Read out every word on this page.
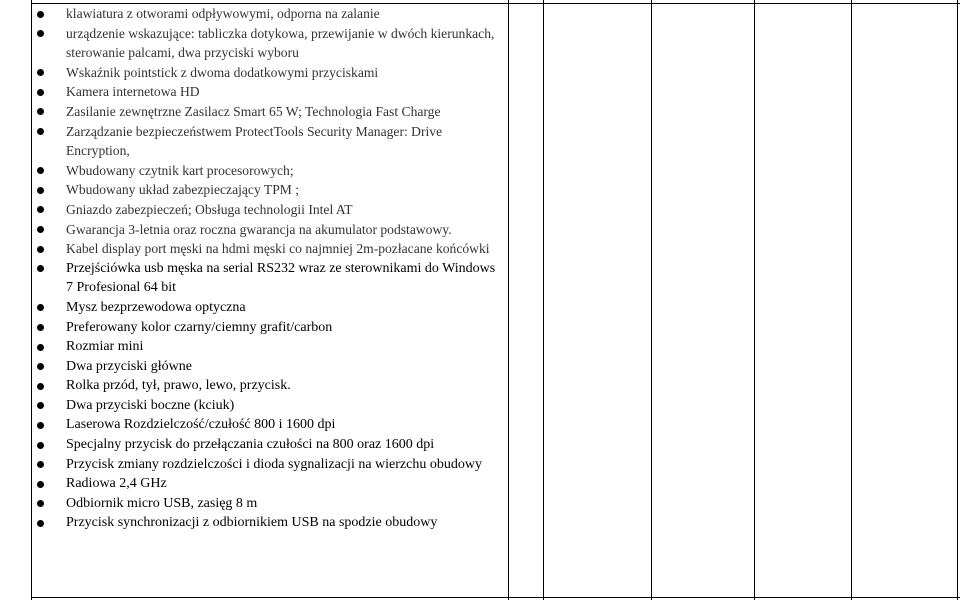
klawiatura z otworami odpływowymi, odporna na zalanie
urządzenie wskazujące: tabliczka dotykowa, przewijanie w dwóch kierunkach, sterowanie palcami, dwa przyciski wyboru
Wskaźnik pointstick z dwoma dodatkowymi przyciskami
Kamera internetowa HD
Zasilanie zewnętrzne Zasilacz Smart 65 W; Technologia Fast Charge
Zarządzanie bezpieczeństwem ProtectTools Security Manager: Drive Encryption,
Wbudowany czytnik kart procesorowych;
Wbudowany układ zabezpieczający TPM ;
Gniazdo zabezpieczeń; Obsługa technologii Intel AT
Gwarancja 3-letnia oraz roczna gwarancja na akumulator podstawowy.
Kabel display port męski na hdmi męski co najmniej 2m-pozłacane końcówki
Przejściówka usb męska na serial RS232 wraz ze sterownikami do Windows 7 Profesional 64 bit
Mysz bezprzewodowa optyczna
Preferowany kolor czarny/ciemny grafit/carbon
Rozmiar mini
Dwa przyciski główne
Rolka przód, tył, prawo, lewo, przycisk.
Dwa przyciski boczne (kciuk)
Laserowa Rozdzielczość/czułość 800 i 1600 dpi
Specjalny przycisk do przełączania czułości na 800 oraz 1600 dpi
Przycisk zmiany rozdzielczości i dioda sygnalizacji na wierzchu obudowy
Radiowa 2,4 GHz
Odbiornik micro USB, zasięg 8 m
Przycisk synchronizacji z odbiornikiem USB na spodzie obudowy
